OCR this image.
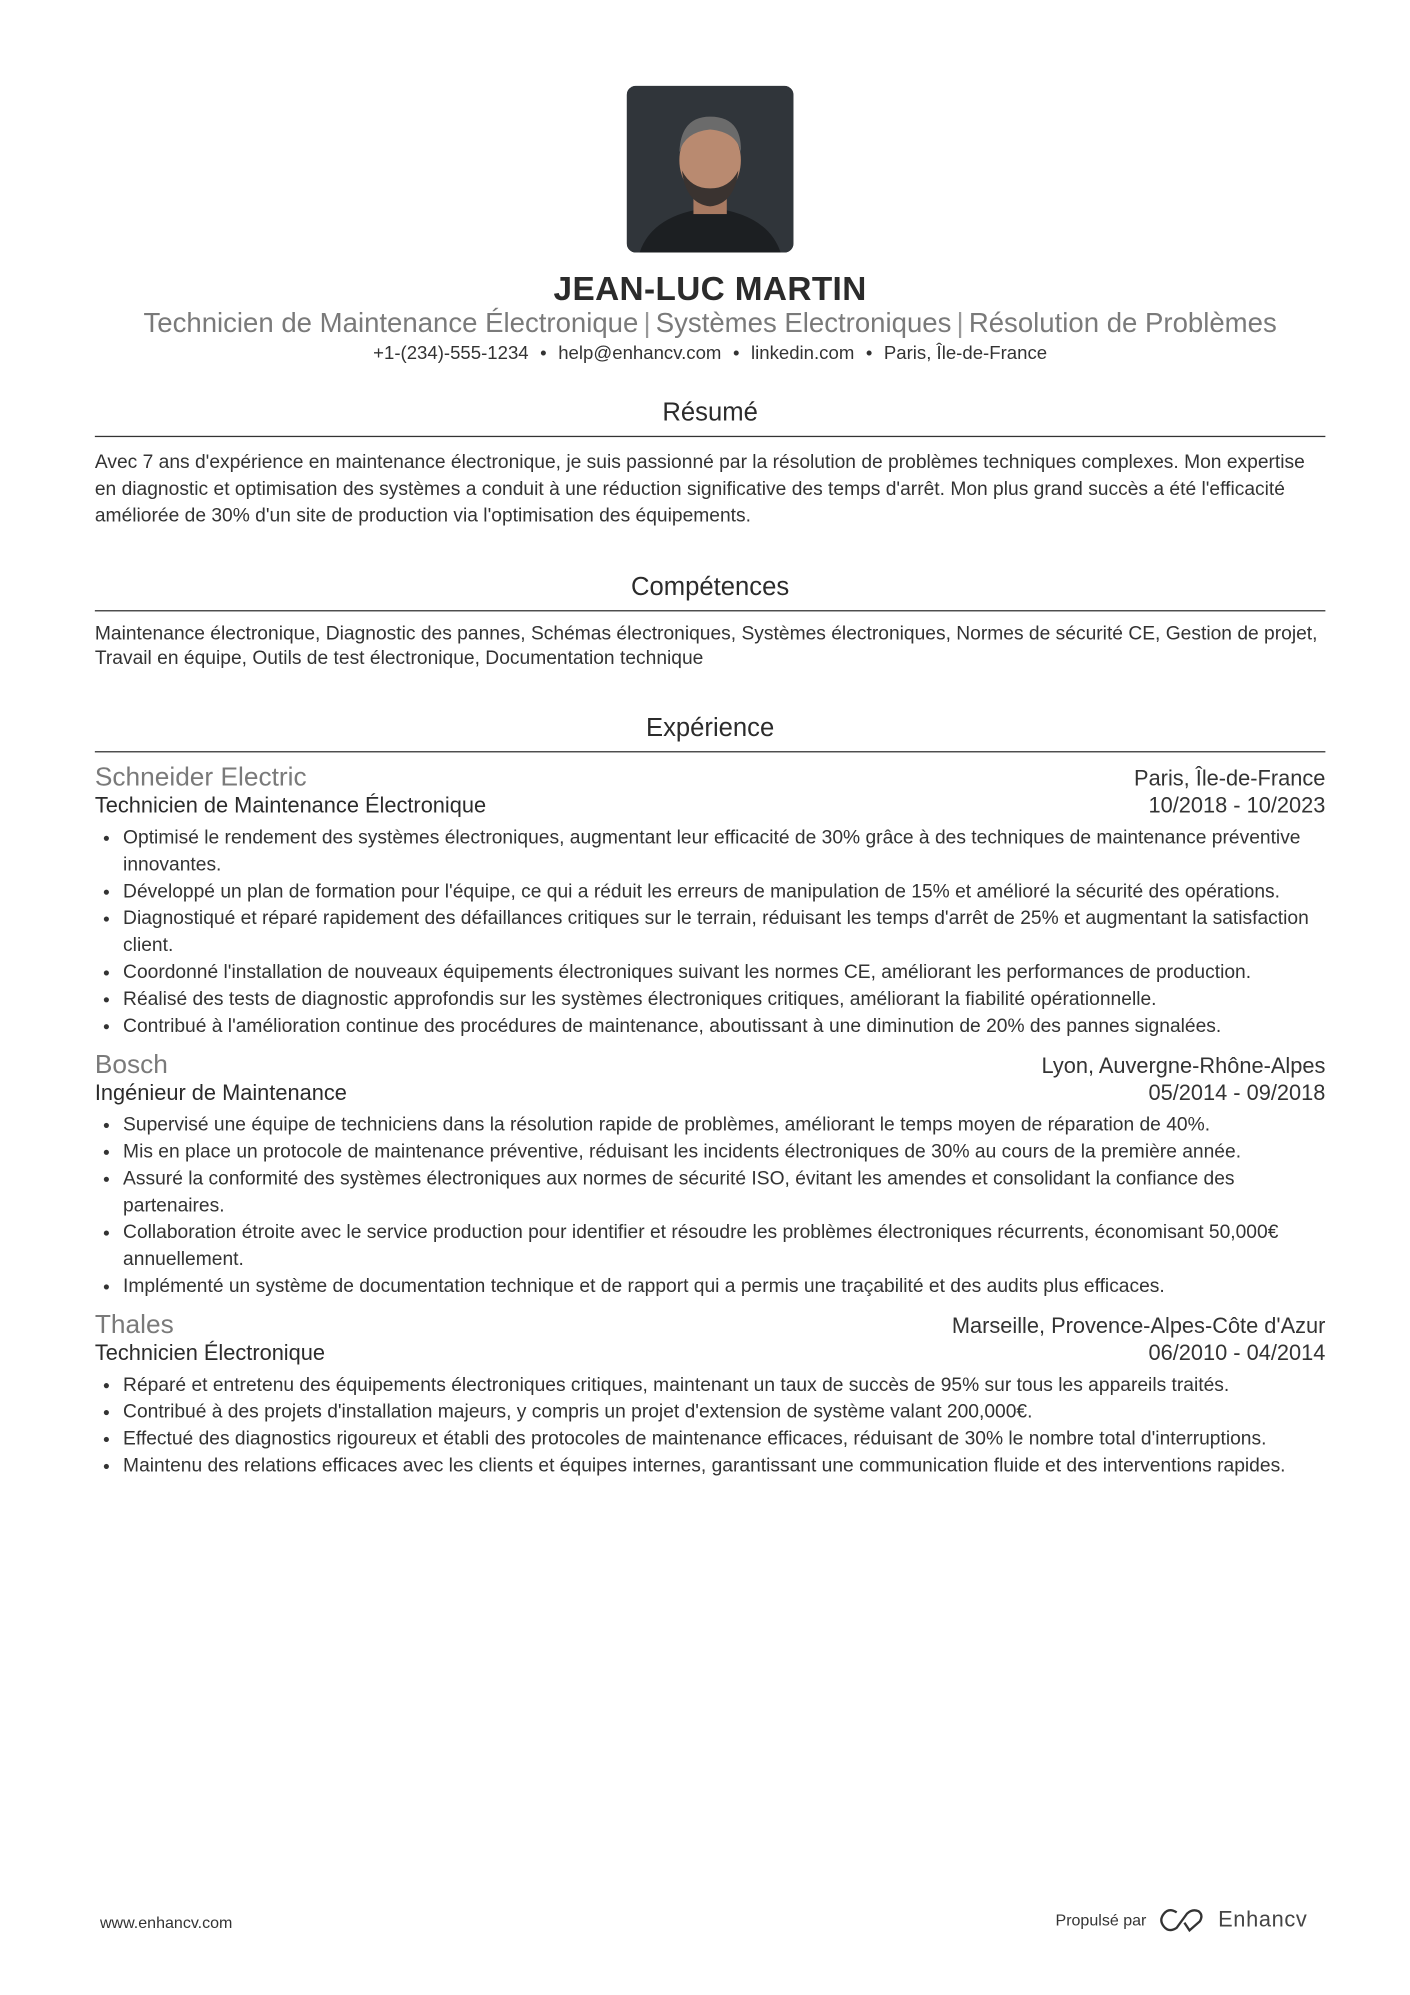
JEAN-LUC MARTIN
Technicien de Maintenance Électronique | Systèmes Electroniques | Résolution de Problèmes
+1-(234)-555-1234 • help@enhancv.com • linkedin.com • Paris, Île-de-France
Résumé
Avec 7 ans d'expérience en maintenance électronique, je suis passionné par la résolution de problèmes techniques complexes. Mon expertise en diagnostic et optimisation des systèmes a conduit à une réduction significative des temps d'arrêt. Mon plus grand succès a été l'efficacité améliorée de 30% d'un site de production via l'optimisation des équipements.
Compétences
Maintenance électronique, Diagnostic des pannes, Schémas électroniques, Systèmes électroniques, Normes de sécurité CE, Gestion de projet, Travail en équipe, Outils de test électronique, Documentation technique
Expérience
Schneider Electric	Paris, Île-de-France
Technicien de Maintenance Électronique	10/2018 - 10/2023
• Optimisé le rendement des systèmes électroniques, augmentant leur efficacité de 30% grâce à des techniques de maintenance préventive innovantes.
• Développé un plan de formation pour l'équipe, ce qui a réduit les erreurs de manipulation de 15% et amélioré la sécurité des opérations.
• Diagnostiqué et réparé rapidement des défaillances critiques sur le terrain, réduisant les temps d'arrêt de 25% et augmentant la satisfaction client.
• Coordonné l'installation de nouveaux équipements électroniques suivant les normes CE, améliorant les performances de production.
• Réalisé des tests de diagnostic approfondis sur les systèmes électroniques critiques, améliorant la fiabilité opérationnelle.
• Contribué à l'amélioration continue des procédures de maintenance, aboutissant à une diminution de 20% des pannes signalées.
Bosch	Lyon, Auvergne-Rhône-Alpes
Ingénieur de Maintenance	05/2014 - 09/2018
• Supervisé une équipe de techniciens dans la résolution rapide de problèmes, améliorant le temps moyen de réparation de 40%.
• Mis en place un protocole de maintenance préventive, réduisant les incidents électroniques de 30% au cours de la première année.
• Assuré la conformité des systèmes électroniques aux normes de sécurité ISO, évitant les amendes et consolidant la confiance des partenaires.
• Collaboration étroite avec le service production pour identifier et résoudre les problèmes électroniques récurrents, économisant 50,000€ annuellement.
• Implémenté un système de documentation technique et de rapport qui a permis une traçabilité et des audits plus efficaces.
Thales	Marseille, Provence-Alpes-Côte d'Azur
Technicien Électronique	06/2010 - 04/2014
• Réparé et entretenu des équipements électroniques critiques, maintenant un taux de succès de 95% sur tous les appareils traités.
• Contribué à des projets d'installation majeurs, y compris un projet d'extension de système valant 200,000€.
• Effectué des diagnostics rigoureux et établi des protocoles de maintenance efficaces, réduisant de 30% le nombre total d'interruptions.
• Maintenu des relations efficaces avec les clients et équipes internes, garantissant une communication fluide et des interventions rapides.
www.enhancv.com	Propulsé par	Enhancv
